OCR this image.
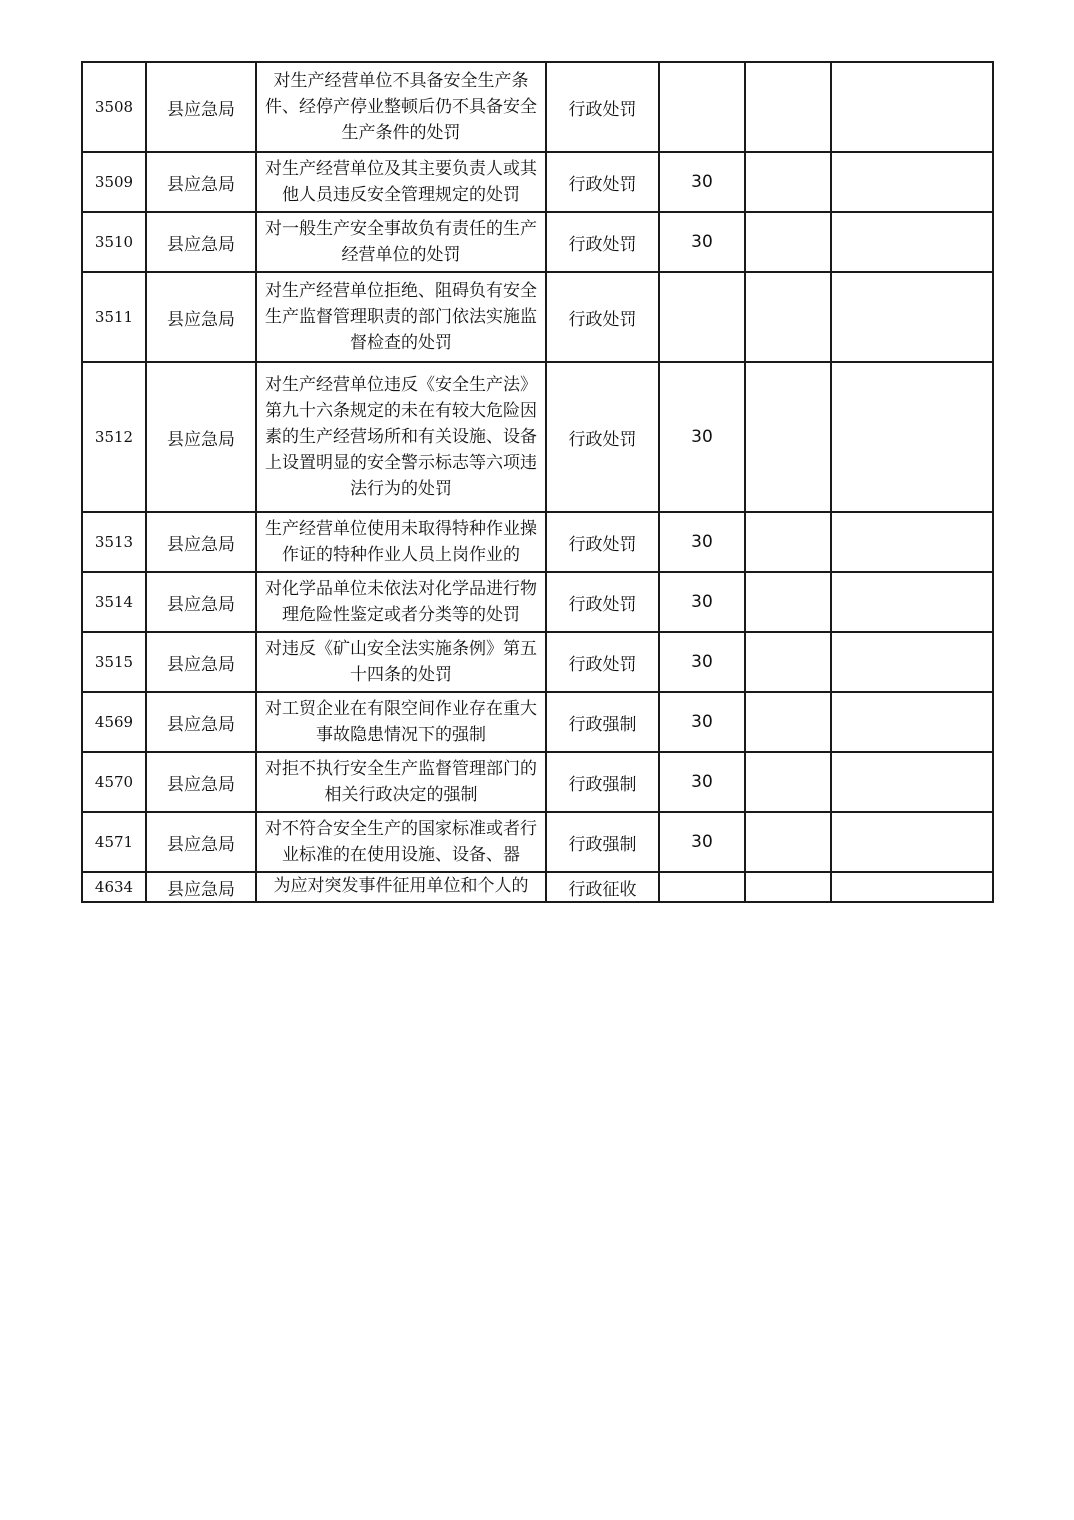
3508	县应急局	对生产经营单位不具备安全生产条件、经停产停业整顿后仍不具备安全生产条件的处罚	行政处罚			
3509	县应急局	对生产经营单位及其主要负责人或其他人员违反安全管理规定的处罚	行政处罚	30		
3510	县应急局	对一般生产安全事故负有责任的生产经营单位的处罚	行政处罚	30		
3511	县应急局	对生产经营单位拒绝、阻碍负有安全生产监督管理职责的部门依法实施监督检查的处罚	行政处罚			
3512	县应急局	对生产经营单位违反《安全生产法》第九十六条规定的未在有较大危险因素的生产经营场所和有关设施、设备上设置明显的安全警示标志等六项违法行为的处罚	行政处罚	30		
3513	县应急局	生产经营单位使用未取得特种作业操作证的特种作业人员上岗作业的	行政处罚	30		
3514	县应急局	对化学品单位未依法对化学品进行物理危险性鉴定或者分类等的处罚	行政处罚	30		
3515	县应急局	对违反《矿山安全法实施条例》第五十四条的处罚	行政处罚	30		
4569	县应急局	对工贸企业在有限空间作业存在重大事故隐患情况下的强制	行政强制	30		
4570	县应急局	对拒不执行安全生产监督管理部门的相关行政决定的强制	行政强制	30		
4571	县应急局	对不符合安全生产的国家标准或者行业标准的在使用设施、设备、器	行政强制	30		
4634	县应急局	为应对突发事件征用单位和个人的	行政征收			
